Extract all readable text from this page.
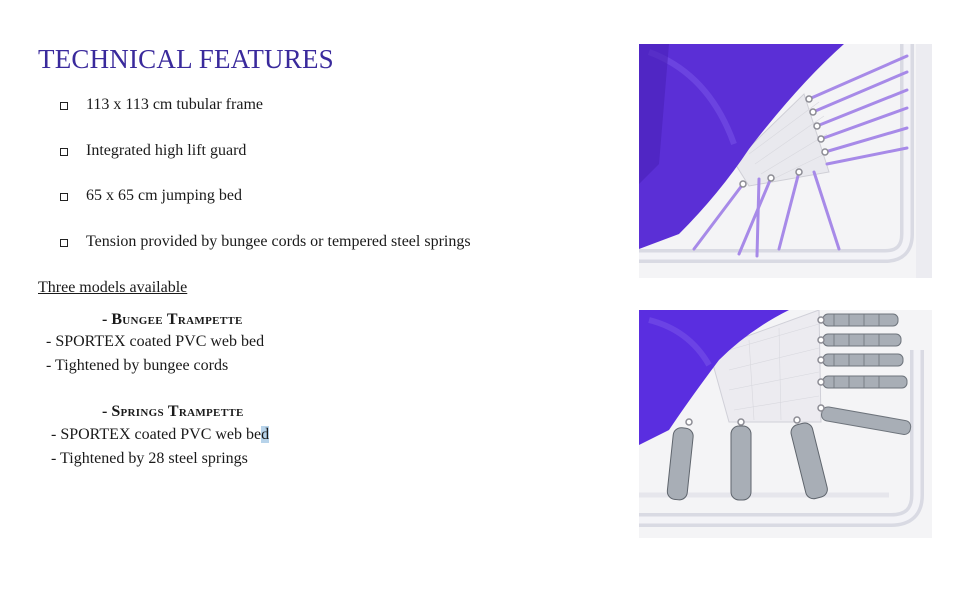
TECHNICAL FEATURES
113 x 113 cm tubular frame
Integrated high lift guard
65 x 65 cm jumping bed
Tension provided by bungee cords or tempered steel springs
Three models available
- Bungee Trampette
- SPORTEX coated PVC web bed
- Tightened by bungee cords
- Springs Trampette
- SPORTEX coated PVC web bed
- Tightened by 28 steel springs
